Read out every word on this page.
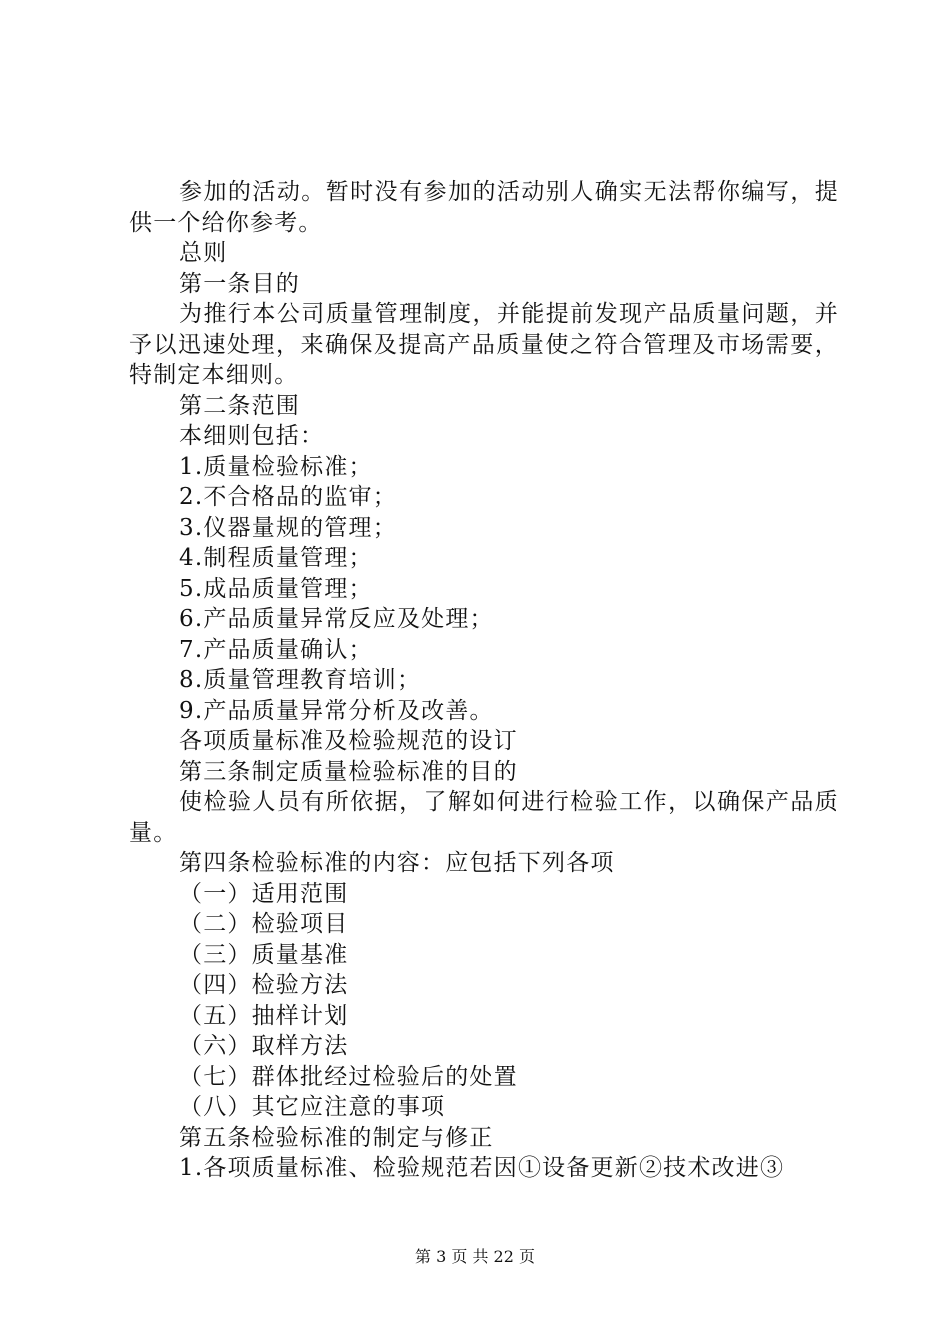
参加的活动。暂时没有参加的活动别人确实无法帮你编写，提供一个给你参考。

总则

第一条目的

为推行本公司质量管理制度，并能提前发现产品质量问题，并予以迅速处理，来确保及提高产品质量使之符合管理及市场需要，特制定本细则。

第二条范围

本细则包括：

1.质量检验标准；

2.不合格品的监审；

3.仪器量规的管理；

4.制程质量管理；

5.成品质量管理；

6.产品质量异常反应及处理；

7.产品质量确认；

8.质量管理教育培训；

9.产品质量异常分析及改善。

各项质量标准及检验规范的设订

第三条制定质量检验标准的目的

使检验人员有所依据，了解如何进行检验工作，以确保产品质量。

第四条检验标准的内容：应包括下列各项

（一）适用范围

（二）检验项目

（三）质量基准

（四）检验方法

（五）抽样计划

（六）取样方法

（七）群体批经过检验后的处置

（八）其它应注意的事项

第五条检验标准的制定与修正

1.各项质量标准、检验规范若因①设备更新②技术改进③

第 3 页 共 22 页
